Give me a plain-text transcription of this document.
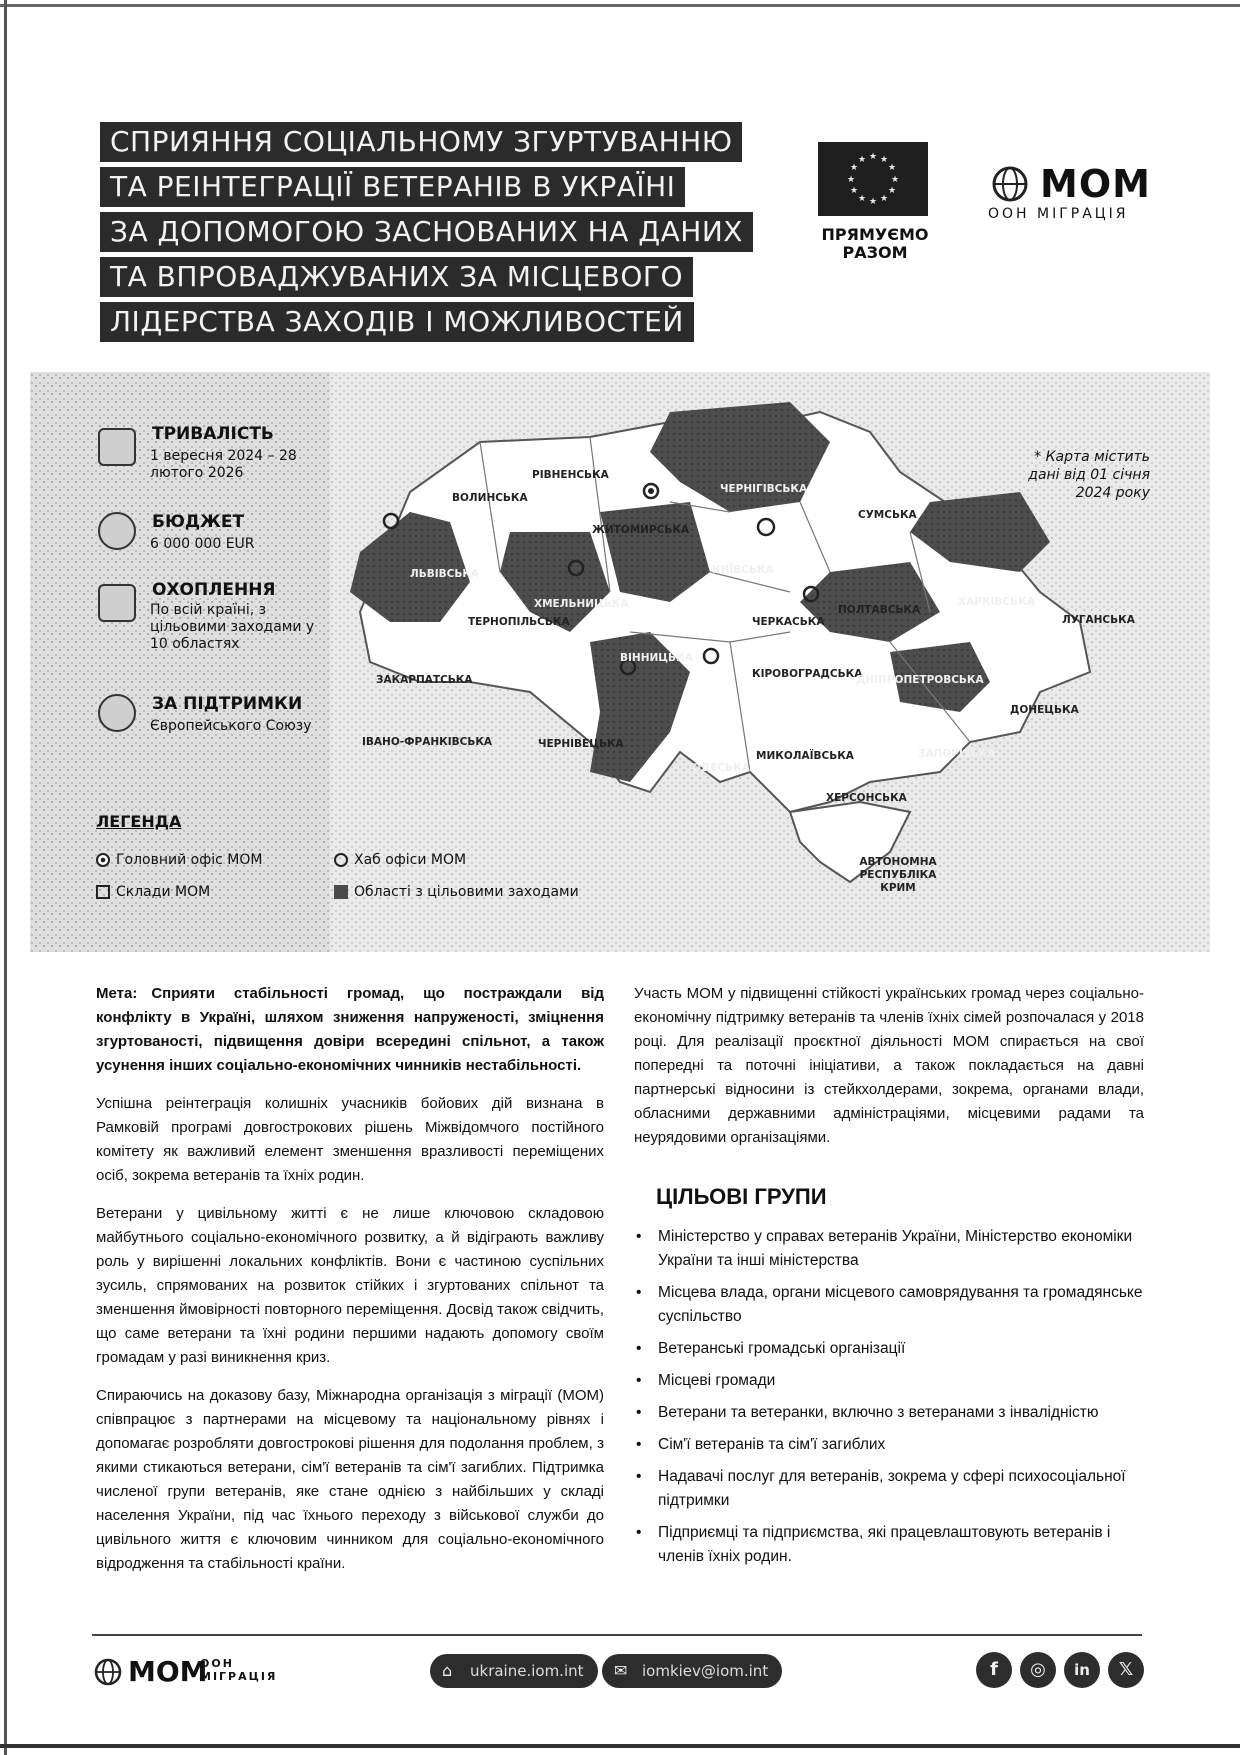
СПРИЯННЯ СОЦІАЛЬНОМУ ЗГУРТУВАННЮ
ТА РЕІНТЕГРАЦІЇ ВЕТЕРАНІВ В УКРАЇНІ
ЗА ДОПОМОГОЮ ЗАСНОВАНИХ НА ДАНИХ
ТА ВПРОВАДЖУВАНИХ ЗА МІСЦЕВОГО
ЛІДЕРСТВА ЗАХОДІВ І МОЖЛИВОСТЕЙ
★ ★
★
★
★
★
★
★
★
★
★
★
ПРЯМУЄМО РАЗОМ
МОМ
ООН МІГРАЦІЯ
ВОЛИНСЬКА
РІВНЕНСЬКА
ЖИТОМИРСЬКА
ЧЕРНІГІВСЬКА
СУМСЬКА
КИЇВСЬКА
ЛЬВІВСЬКА
ТЕРНОПІЛЬСЬКА
ХМЕЛЬНИЦЬКА
ВІННИЦЬКА
ЧЕРКАСЬКА
ПОЛТАВСЬКА
ХАРКІВСЬКА
ЛУГАНСЬКА
ЗАКАРПАТСЬКА
ІВАНО-ФРАНКІВСЬКА	ЧЕРНІВЕЦЬКА
КІРОВОГРАДСЬКА
ДНІПРОПЕТРОВСЬКА
ДОНЕЦЬКА
ОДЕСЬКА
МИКОЛАЇВСЬКА	ЗАПОРІЗЬКА
ХЕРСОНСЬКА
АВТОНОМНА РЕСПУБЛІКА КРИМ
* Карта містить дані від 01 січня 2024 року
ТРИВАЛІСТЬ
1 вересня 2024 – 28 лютого 2026
БЮДЖЕТ
6 000 000 EUR
ОХОПЛЕННЯ
По всій країні, з цільовими заходами у 10 областях
ЗА ПІДТРИМКИ
Європейського Союзу
ЛЕГЕНДА
Головний офіс МОМ	Хаб офіси МОМ
Склади МОМ	Області з цільовими заходами

Мета: Сприяти стабільності громад, що постраждали від конфлікту в Україні, шляхом зниження напруженості, зміцнення згуртованості, підвищення довіри всередині спільнот, а також усунення інших соціально-економічних чинників нестабільності.

Успішна реінтеграція колишніх учасників бойових дій визнана в Рамковій програмі довгострокових рішень Міжвідомчого постійного комітету як важливий елемент зменшення вразливості переміщених осіб, зокрема ветеранів та їхніх родин.

Ветерани у цивільному житті є не лише ключовою складовою майбутнього соціально-економічного розвитку, а й відіграють важливу роль у вирішенні локальних конфліктів. Вони є частиною суспільних зусиль, спрямованих на розвиток стійких і згуртованих спільнот та зменшення ймовірності повторного переміщення. Досвід також свідчить, що саме ветерани та їхні родини першими надають допомогу своїм громадам у разі виникнення криз.

Спираючись на доказову базу, Міжнародна організація з міграції (МОМ) співпрацює з партнерами на місцевому та національному рівнях і допомагає розробляти довгострокові рішення для подолання проблем, з якими стикаються ветерани, сім'ї ветеранів та сім'ї загиблих. Підтримка численої групи ветеранів, яке стане однією з найбільших у складі населення України, під час їхнього переходу з військової служби до цивільного життя є ключовим чинником для соціально-економічного відродження та стабільності країни.

Участь МОМ у підвищенні стійкості українських громад через соціально-економічну підтримку ветеранів та членів їхніх сімей розпочалася у 2018 році. Для реалізації проєктної діяльності МОМ спирається на свої попередні та поточні ініціативи, а також покладається на давні партнерські відносини із стейкхолдерами, зокрема, органами влади, обласними державними адміністраціями, місцевими радами та неурядовими організаціями.

ЦІЛЬОВІ ГРУПИ
• Міністерство у справах ветеранів України, Міністерство економіки України та інші міністерства
• Місцева влада, органи місцевого самоврядування та громадянське суспільство
• Ветеранські громадські організації
• Місцеві громади
• Ветерани та ветеранки, включно з ветеранами з інвалідністю
• Сім'ї ветеранів та сім'ї загиблих
• Надавачі послуг для ветеранів, зокрема у сфері психосоціальної підтримки
• Підприємці та підприємства, які працевлаштовують ветеранів і членів їхніх родин.
МОМ
ООН
МІГРАЦІЯ	⌂	ukraine.iom.int	✉ iomkiev@iom.int	f	◎	in	𝕏
